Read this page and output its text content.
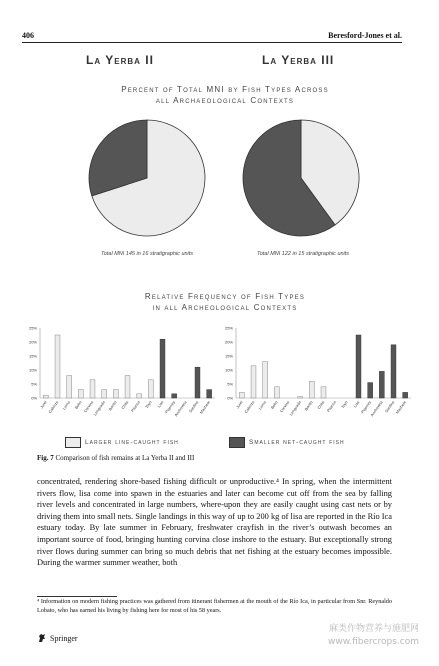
406	Beresford-Jones et al.
La Yerba II	La Yerba III
Percent of Total MNI by Fish Types Across
all Archaeological Contexts
Total MNI 145 in 16 stratigraphic units	Total MNI 122 in 15 stratigraphic units
Relative Frequency of Fish Types
in all Archeological Contexts
0%
5%
10%
15%
20%
25%
Jurel Cabinza Lorna Bobo Corvina
Lenguado Bonito Chita Pilanco Toyo Lisa Pejerrey
Anchoveta Sardina Machete
0%
5%
10%
15%
20%
25%
Jurel Cabinza Lorna Bobo Corvina
Lenguado Bonito Chita Pilanco Toyo Lisa Pejerrey
Anchoveta Sardina Machete
Larger line-caught fish	Smaller net-caught fish
Fig. 7 Comparison of fish remains at La Yerba II and III
concentrated, rendering shore-based fishing difficult or unproductive.⁴ In spring, when the intermittent rivers flow, lisa come into spawn in the estuaries and later can become cut off from the sea by falling river levels and concentrated in large numbers, where-upon they are easily caught using cast nets or by driving them into small nets. Single landings in this way of up to 200 kg of lisa are reported in the Río Ica estuary today. By late summer in February, freshwater crayfish in the river’s outwash becomes an important source of food, bringing hunting corvina close inshore to the estuary. But exceptionally strong river flows during summer can bring so much debris that net fishing at the estuary becomes impossible. During the warmer summer weather, both
⁴ Information on modern fishing practices was gathered from itinerant fishermen at the mouth of the Río Ica, in particular from Snr. Reynaldo Lobato, who has earned his living by fishing here for most of his 58 years.
Springer
麻类作物营养与施肥网
www.fibercrops.com
